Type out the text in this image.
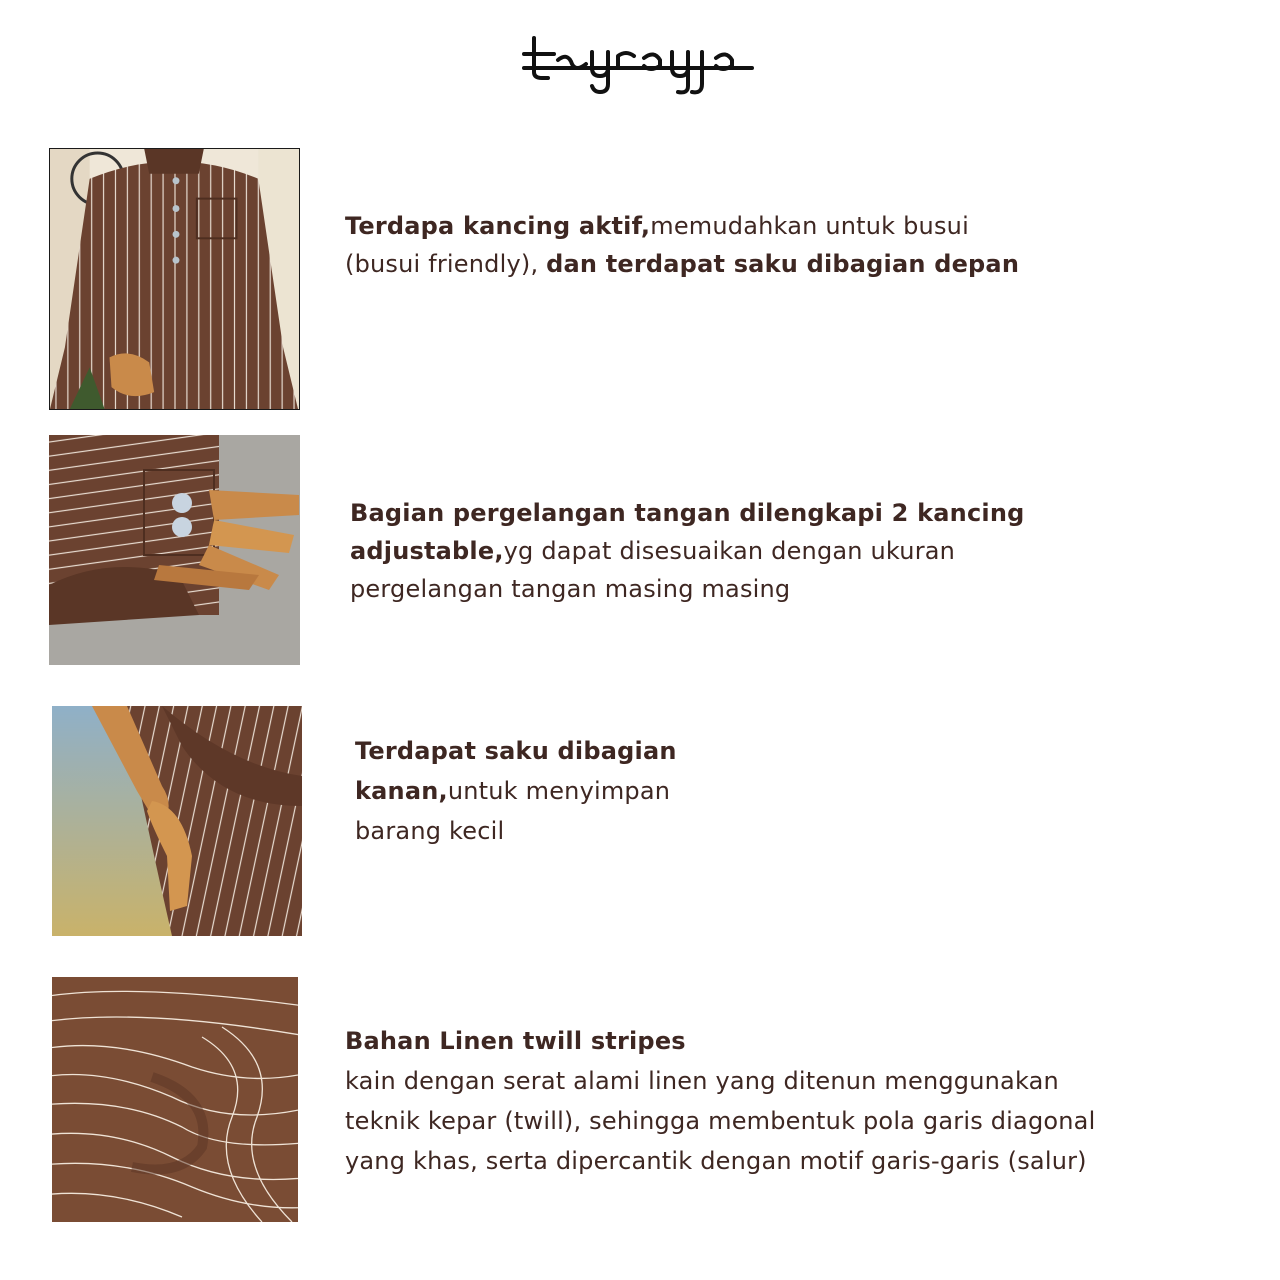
Terdapa kancing aktif,memudahkan untuk busui (busui friendly), dan terdapat saku dibagian depan
Bagian pergelangan tangan dilengkapi 2 kancing adjustable,yg dapat disesuaikan dengan ukuran pergelangan tangan masing masing
Terdapat saku dibagian kanan,untuk menyimpan barang kecil
Bahan Linen twill stripes
kain dengan serat alami linen yang ditenun menggunakan teknik kepar (twill), sehingga membentuk pola garis diagonal yang khas, serta dipercantik dengan motif garis-garis (salur)
